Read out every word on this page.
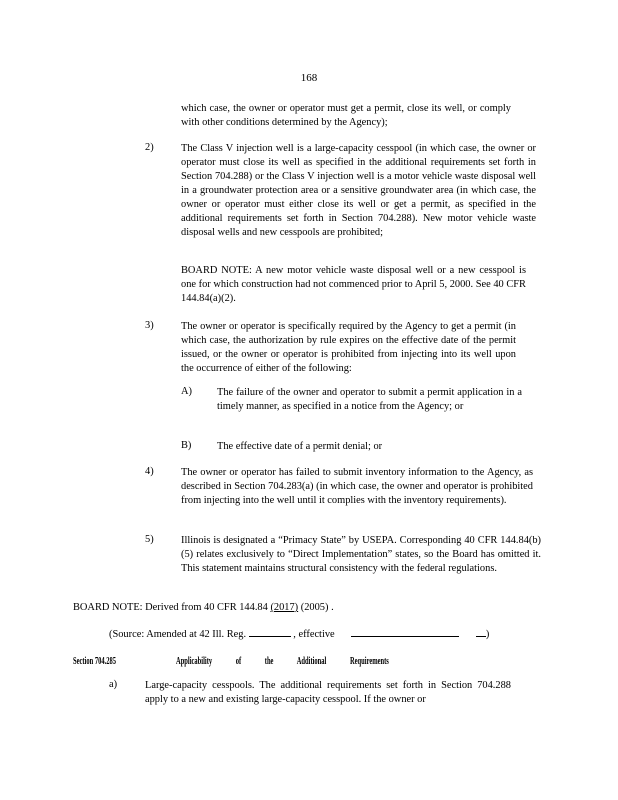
168
which case, the owner or operator must get a permit, close its well, or comply with other conditions determined by the Agency);
2)	The Class V injection well is a large-capacity cesspool (in which case, the owner or operator must close its well as specified in the additional requirements set forth in Section 704.288) or the Class V injection well is a motor vehicle waste disposal well in a groundwater protection area or a sensitive groundwater area (in which case, the owner or operator must either close its well or get a permit, as specified in the additional requirements set forth in Section 704.288). New motor vehicle waste disposal wells and new cesspools are prohibited;
BOARD NOTE: A new motor vehicle waste disposal well or a new cesspool is one for which construction had not commenced prior to April 5, 2000. See 40 CFR 144.84(a)(2).
3)	The owner or operator is specifically required by the Agency to get a permit (in which case, the authorization by rule expires on the effective date of the permit issued, or the owner or operator is prohibited from injecting into its well upon the occurrence of either of the following:
A) The failure of the owner and operator to submit a permit application in a timely manner, as specified in a notice from the Agency; or
B) The effective date of a permit denial; or
4)	The owner or operator has failed to submit inventory information to the Agency, as described in Section 704.283(a) (in which case, the owner and operator is prohibited from injecting into the well until it complies with the inventory requirements).
5)	Illinois is designated a “Primacy State” by USEPA. Corresponding 40 CFR 144.84(b)(5) relates exclusively to “Direct Implementation” states, so the Board has omitted it. This statement maintains structural consistency with the federal regulations.
BOARD NOTE: Derived from 40 CFR 144.84 (2017) (2005) .
(Source: Amended at 42 Ill. Reg.	, effective	)
Section 704.285	Applicability of the Additional Requirements
a)	Large-capacity cesspools. The additional requirements set forth in Section 704.288 apply to a new and existing large-capacity cesspool. If the owner or
